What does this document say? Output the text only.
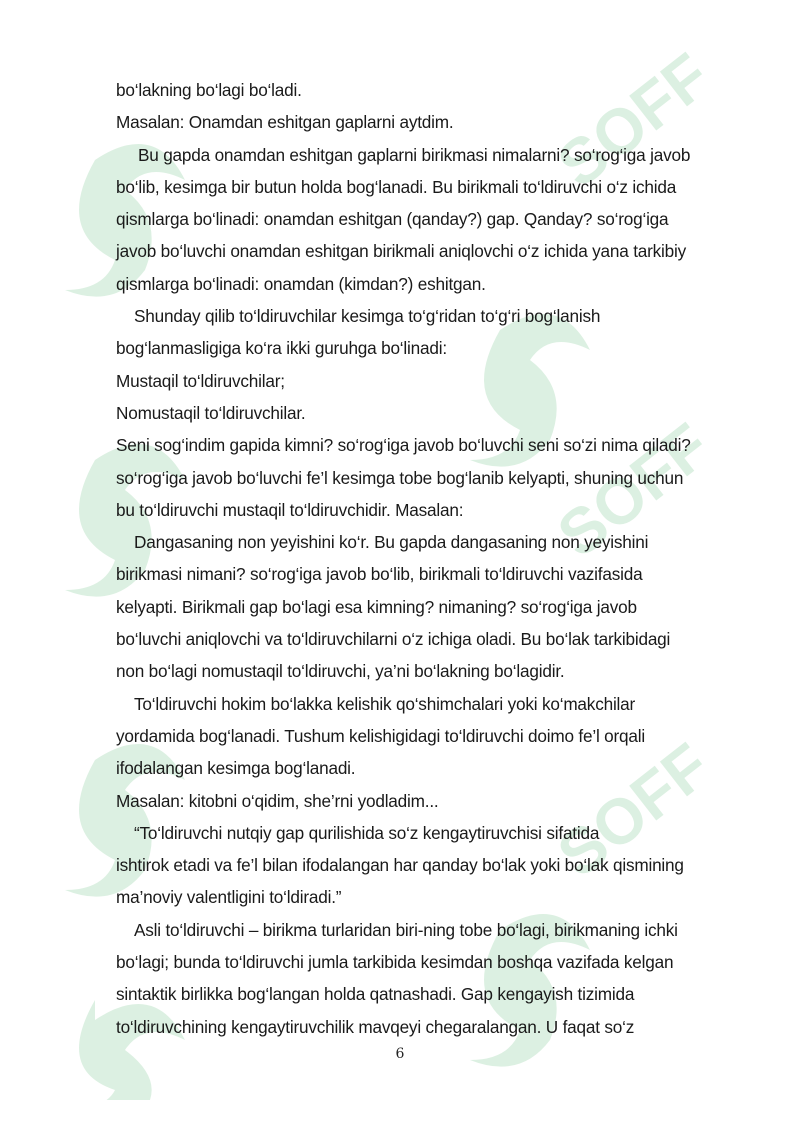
SOFF
SOFF
SOFF
bo‘lakning bo‘lagi bo‘ladi.
Masalan: Onamdan eshitgan gaplarni aytdim.
Bu gapda onamdan eshitgan gaplarni birikmasi nimalarni? so‘rog‘iga javob
bo‘lib, kesimga bir butun holda bog‘lanadi. Bu birikmali to‘ldiruvchi o‘z ichida
qismlarga bo‘linadi: onamdan eshitgan (qanday?) gap. Qanday? so‘rog‘iga
javob bo‘luvchi onamdan eshitgan birikmali aniqlovchi o‘z ichida yana tarkibiy
qismlarga bo‘linadi: onamdan (kimdan?) eshitgan.
Shunday qilib to‘ldiruvchilar kesimga to‘g‘ridan to‘g‘ri bog‘lanish
bog‘lanmasligiga ko‘ra ikki guruhga bo‘linadi:
Mustaqil to‘ldiruvchilar;
Nomustaqil to‘ldiruvchilar.
Seni sog‘indim gapida kimni? so‘rog‘iga javob bo‘luvchi seni so‘zi nima qiladi?
so‘rog‘iga javob bo‘luvchi fe’l kesimga tobe bog‘lanib kelyapti, shuning uchun
bu to‘ldiruvchi mustaqil to‘ldiruvchidir. Masalan:
Dangasaning non yeyishini ko‘r. Bu gapda dangasaning non yeyishini
birikmasi nimani? so‘rog‘iga javob bo‘lib, birikmali to‘ldiruvchi vazifasida
kelyapti. Birikmali gap bo‘lagi esa kimning? nimaning? so‘rog‘iga javob
bo‘luvchi aniqlovchi va to‘ldiruvchilarni o‘z ichiga oladi. Bu bo‘lak tarkibidagi
non bo‘lagi nomustaqil to‘ldiruvchi, ya’ni bo‘lakning bo‘lagidir.
To‘ldiruvchi hokim bo‘lakka kelishik qo‘shimchalari yoki ko‘makchilar
yordamida bog‘lanadi. Tushum kelishigidagi to‘ldiruvchi doimo fe’l orqali
ifodalangan kesimga bog‘lanadi.
Masalan: kitobni o‘qidim, she’rni yodladim...
“To‘ldiruvchi nutqiy gap qurilishida so‘z kengaytiruvchisi sifatida
ishtirok etadi va fe’l bilan ifodalangan har qanday bo‘lak yoki bo‘lak qismining
ma’noviy valentligini to‘ldiradi.”
Asli to‘ldiruvchi – birikma turlaridan biri-ning tobe bo‘lagi, birikmaning ichki
bo‘lagi; bunda to‘ldiruvchi jumla tarkibida kesimdan boshqa vazifada kelgan
sintaktik birlikka bog‘langan holda qatnashadi. Gap kengayish tizimida
to‘ldiruvchining kengaytiruvchilik mavqeyi chegaralangan. U faqat so‘z
6
